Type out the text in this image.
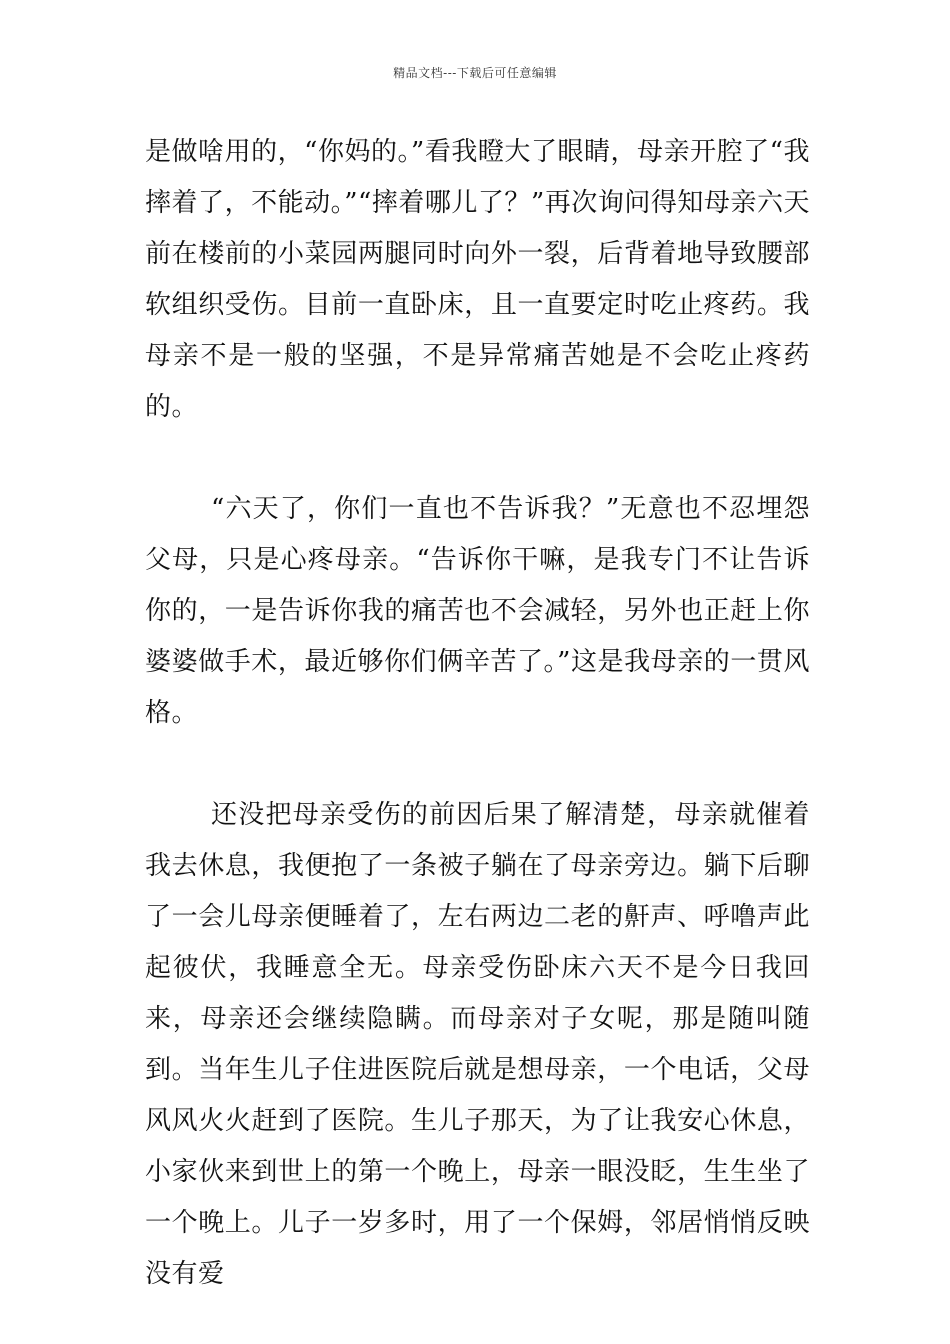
精品文档---下载后可任意编辑

是做啥用的，“你妈的。”看我瞪大了眼睛，母亲开腔了“我摔着了，不能动。”“摔着哪儿了？”再次询问得知母亲六天前在楼前的小菜园两腿同时向外一裂，后背着地导致腰部软组织受伤。目前一直卧床，且一直要定时吃止疼药。我母亲不是一般的坚强，不是异常痛苦她是不会吃止疼药的。

“六天了，你们一直也不告诉我？”无意也不忍埋怨父母，只是心疼母亲。“告诉你干嘛，是我专门不让告诉你的，一是告诉你我的痛苦也不会减轻，另外也正赶上你婆婆做手术，最近够你们俩辛苦了。”这是我母亲的一贯风格。

还没把母亲受伤的前因后果了解清楚，母亲就催着我去休息，我便抱了一条被子躺在了母亲旁边。躺下后聊了一会儿母亲便睡着了，左右两边二老的鼾声、呼噜声此起彼伏，我睡意全无。母亲受伤卧床六天不是今日我回来，母亲还会继续隐瞒。而母亲对子女呢，那是随叫随到。当年生儿子住进医院后就是想母亲，一个电话，父母风风火火赶到了医院。生儿子那天，为了让我安心休息，小家伙来到世上的第一个晚上，母亲一眼没眨，生生坐了一个晚上。儿子一岁多时，用了一个保姆，邻居悄悄反映没有爱
